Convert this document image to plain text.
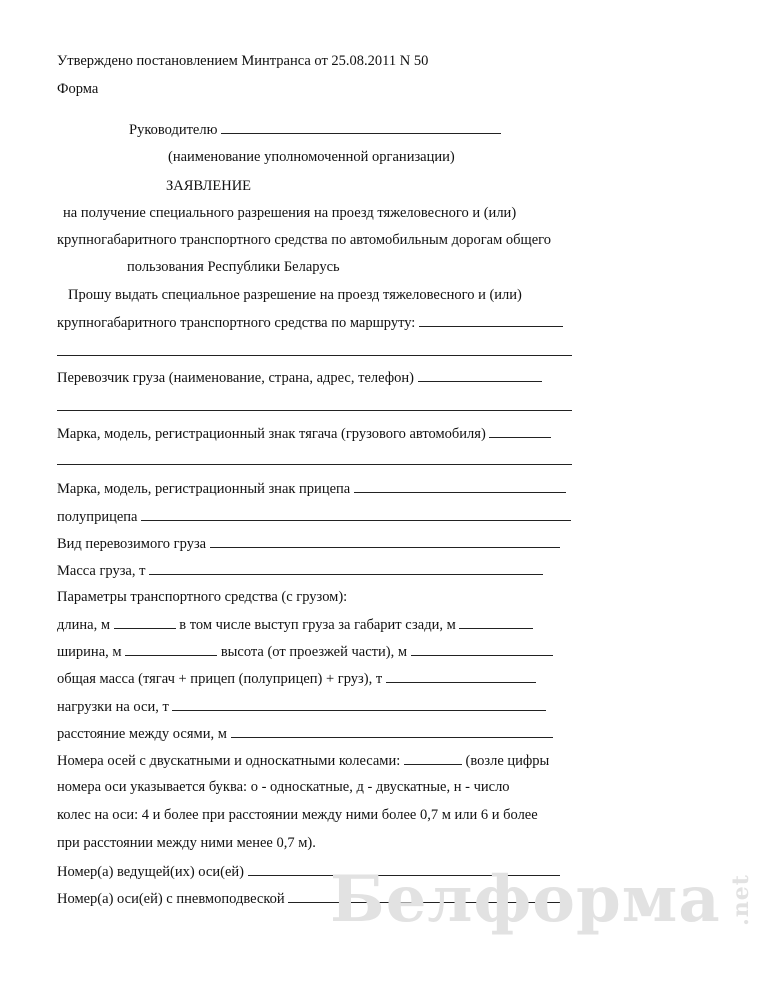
Утверждено постановлением Минтранса от 25.08.2011 N 50
Форма
Руководителю
(наименование уполномоченной организации)
ЗАЯВЛЕНИЕ
на получение специального разрешения на проезд тяжеловесного и (или)
крупногабаритного транспортного средства по автомобильным дорогам общего
пользования Республики Беларусь
Прошу выдать специальное разрешение на проезд тяжеловесного и (или)
крупногабаритного транспортного средства по маршруту:
Перевозчик груза (наименование, страна, адрес, телефон)
Марка, модель, регистрационный знак тягача (грузового автомобиля)
Марка, модель, регистрационный знак прицепа
полуприцепа
Вид перевозимого груза
Масса груза, т
Параметры транспортного средства (с грузом):
длина, м	в том числе выступ груза за габарит сзади, м
ширина, м	высота (от проезжей части), м
общая масса (тягач + прицеп (полуприцеп) + груз), т
нагрузки на оси, т
расстояние между осями, м
Номера осей с двускатными и односкатными колесами:	(возле цифры
номера оси указывается буква: о - односкатные, д - двускатные, н - число
колес на оси: 4 и более при расстоянии между ними более 0,7 м или 6 и более
при расстоянии между ними менее 0,7 м).
Номер(а) ведущей(их) оси(ей)
Номер(а) оси(ей) с пневмоподвеской Белформа .net
